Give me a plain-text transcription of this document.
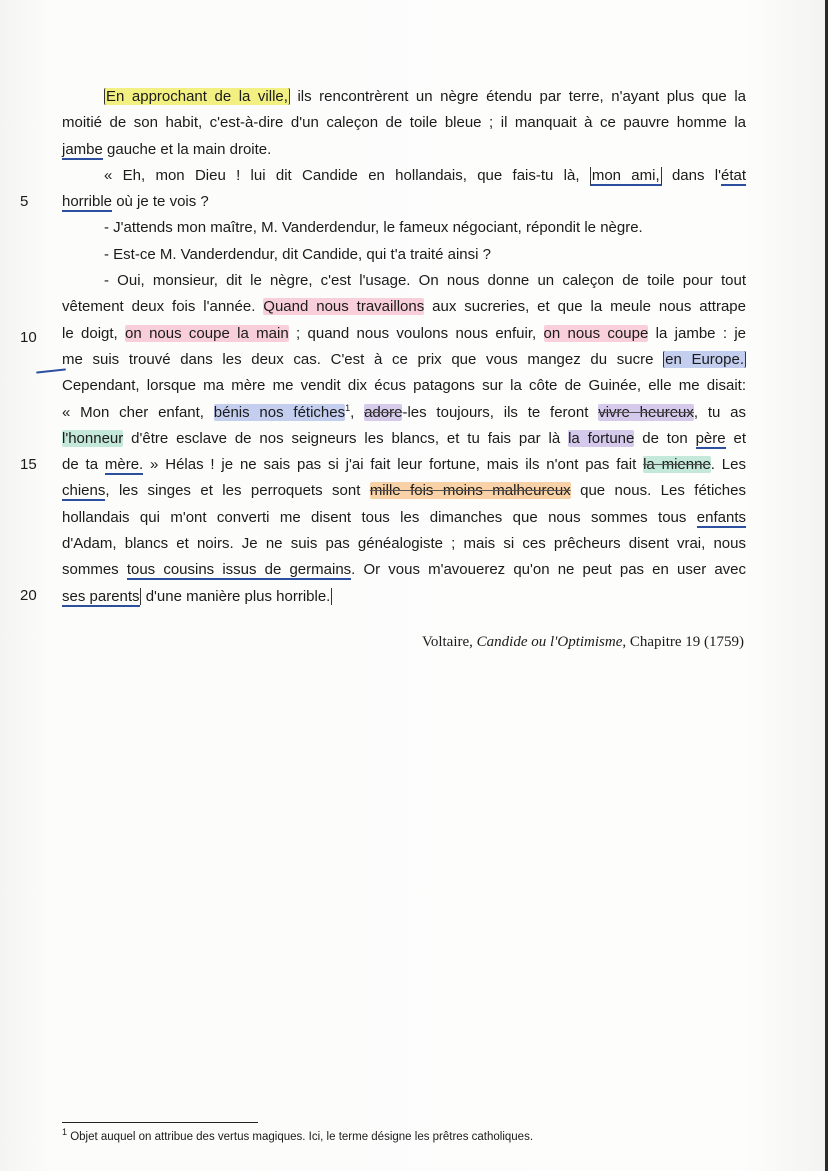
5
10
15
20
En approchant de la ville, ils rencontrèrent un nègre étendu par terre, n'ayant plus que la
moitié de son habit, c'est-à-dire d'un caleçon de toile bleue ; il manquait à ce pauvre homme la
jambe gauche et la main droite.
« Eh, mon Dieu ! lui dit Candide en hollandais, que fais-tu là, mon ami, dans l'état
horrible où je te vois ?
- J'attends mon maître, M. Vanderdendur, le fameux négociant, répondit le nègre.
- Est-ce M. Vanderdendur, dit Candide, qui t'a traité ainsi ?
- Oui, monsieur, dit le nègre, c'est l'usage. On nous donne un caleçon de toile pour tout
vêtement deux fois l'année. Quand nous travaillons aux sucreries, et que la meule nous attrape
le doigt, on nous coupe la main ; quand nous voulons nous enfuir, on nous coupe la jambe : je
me suis trouvé dans les deux cas. C'est à ce prix que vous mangez du sucre en Europe.
Cependant, lorsque ma mère me vendit dix écus patagons sur la côte de Guinée, elle me disait:
« Mon cher enfant, bénis nos fétiches$^1$, adore-les toujours, ils te feront vivre heureux, tu as
l'honneur d'être esclave de nos seigneurs les blancs, et tu fais par là la fortune de ton père et
de ta mère. » Hélas ! je ne sais pas si j'ai fait leur fortune, mais ils n'ont pas fait la mienne. Les
chiens, les singes et les perroquets sont mille fois moins malheureux que nous. Les fétiches
hollandais qui m'ont converti me disent tous les dimanches que nous sommes tous enfants
d'Adam, blancs et noirs. Je ne suis pas généalogiste ; mais si ces prêcheurs disent vrai, nous
sommes tous cousins issus de germains. Or vous m'avouerez qu'on ne peut pas en user avec
ses parents d'une manière plus horrible.
Voltaire, Candide ou l'Optimisme, Chapitre 19 (1759)
$^1$ Objet auquel on attribue des vertus magiques. Ici, le terme désigne les prêtres catholiques.
